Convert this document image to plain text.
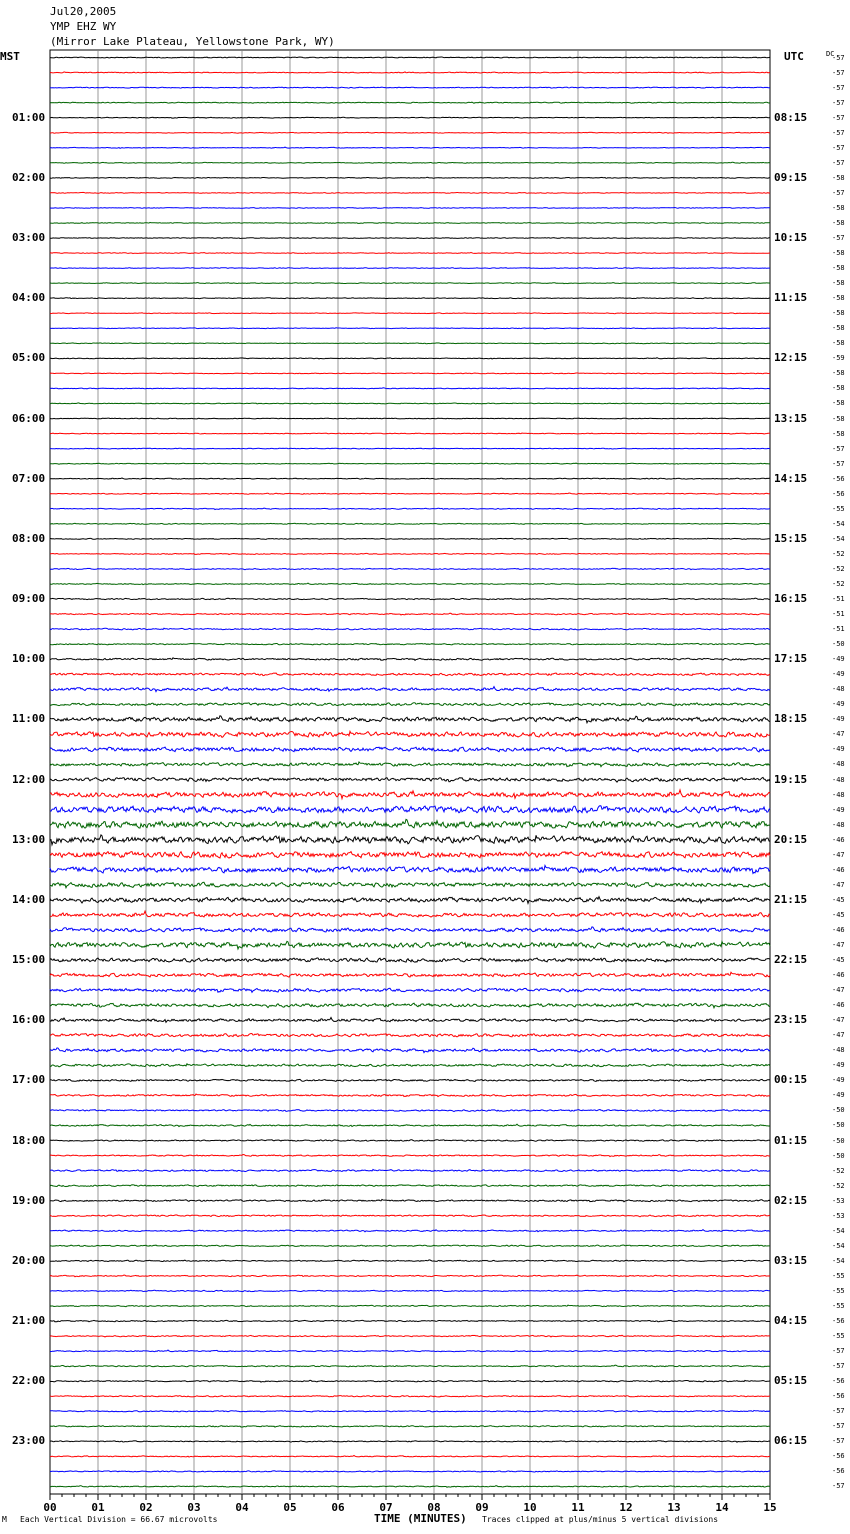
Jul20,2005
YMP EHZ WY
(Mirror Lake Plateau, Yellowstone Park, WY)
MST	UTC	DC
01:00
02:00
03:00
04:00
05:00
06:00
07:00
08:00
09:00
10:00
11:00
12:00
13:00
14:00
15:00
16:00
17:00
18:00
19:00
20:00
21:00
22:00
23:00
08:15
09:15
10:15
11:15
12:15
13:15
14:15
15:15
16:15
17:15
18:15
19:15
20:15
21:15
22:15
23:15
00:15
01:15
02:15
03:15
04:15
05:15
06:15
-57
-57
-57
-57
-57
-57
-57
-57
-58
-57
-58
-58
-57
-58
-58
-58
-58
-58
-58
-58
-59
-58
-58
-58
-58
-58
-57
-57
-56
-56
-55
-54
-54
-52
-52
-52
-51
-51
-51
-50
-49
-49
-48
-49
-49
-47
-49
-48
-48
-48
-49
-48
-46
-47
-46
-47
-45
-45
-46
-47
-45
-46
-47
-46
-47
-47
-48
-49
-49
-49
-50
-50
-50
-50
-52
-52
-53
-53
-54
-54
-54
-55
-55
-55
-56
-55
-57
-57
-56
-56
-57
-57
-57
-56
-56
-57
00	01	02	03	04	05	06	07	08	09	10	11	12	13	14	15
M Each Vertical Division = 66.67 microvolts	TIME (MINUTES) Traces clipped at plus/minus 5 vertical divisions
